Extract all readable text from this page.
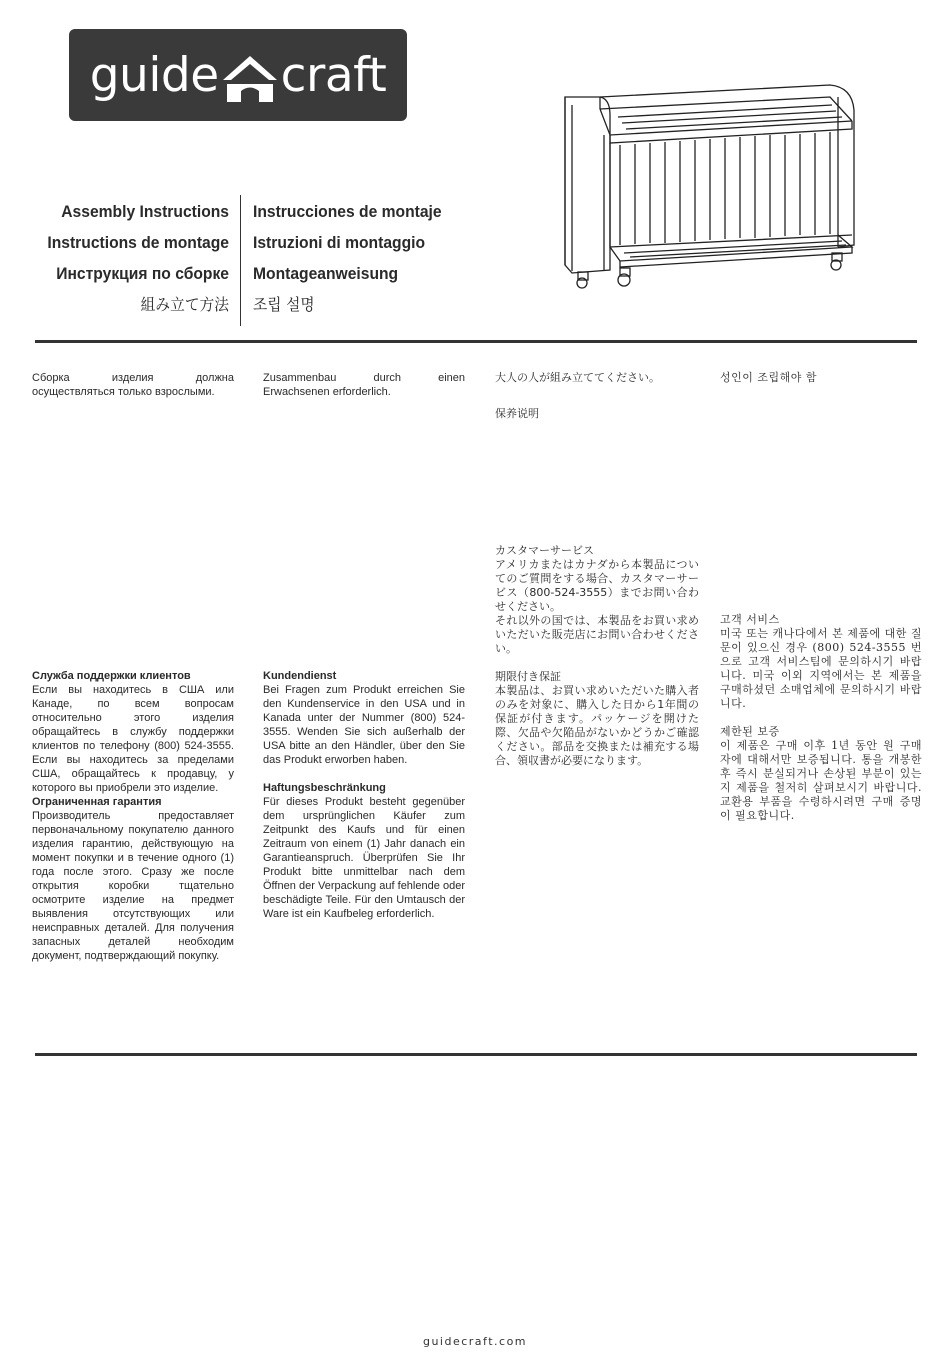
guide craft
Assembly Instructions
Instructions de montage
Инструкция по сборке
組み立て方法
Instrucciones de montaje
Istruzioni di montaggio
Montageanweisung
조립 설명
Сборка изделия должна осуществляться только взрослыми.

Служба поддержки клиентов

Если вы находитесь в США или Канаде, по всем вопросам относительно этого изделия обращайтесь в службу поддержки клиентов по телефону (800) 524-3555. Если вы находитесь за пределами США, обращайтесь к продавцу, у которого вы приобрели это изделие.

Ограниченная гарантия

Производитель предоставляет первоначальному покупателю данного изделия гарантию, действующую на момент покупки и в течение одного (1) года после этого. Сразу же после открытия коробки тщательно осмотрите изделие на предмет выявления отсутствующих или неисправных деталей. Для получения запасных деталей необходим документ, подтверждающий покупку.

Zusammenbau durch einen Erwachsenen erforderlich.

Kundendienst

Bei Fragen zum Produkt erreichen Sie den Kundenservice in den USA und in Kanada unter der Nummer (800) 524-3555. Wenden Sie sich außerhalb der USA bitte an den Händler, über den Sie das Produkt erworben haben.

Haftungsbeschränkung

Für dieses Produkt besteht gegenüber dem ursprünglichen Käufer zum Zeitpunkt des Kaufs und für einen Zeitraum von einem (1) Jahr danach ein Garantieanspruch. Überprüfen Sie Ihr Produkt bitte unmittelbar nach dem Öffnen der Verpackung auf fehlende oder beschädigte Teile. Für den Umtausch der Ware ist ein Kaufbeleg erforderlich.

大人の人が組み立ててください。
保养说明

カスタマーサービス

アメリカまたはカナダから本製品についてのご質問をする場合、カスタマーサービス（800-524-3555）までお問い合わせください。

それ以外の国では、本製品をお買い求めいただいた販売店にお問い合わせください。

期限付き保証

本製品は、お買い求めいただいた購入者のみを対象に、購入した日から1年間の保証が付きます。パッケージを開けた際、欠品や欠陥品がないかどうかご確認ください。部品を交換または補充する場合、領収書が必要になります。

성인이 조립해야 함

고객 서비스

미국 또는 캐나다에서 본 제품에 대한 질문이 있으신 경우 (800) 524-3555 번으로 고객 서비스팀에 문의하시기 바랍니다. 미국 이외 지역에서는 본 제품을 구매하셨던 소매업체에 문의하시기 바랍니다.

제한된 보증

이 제품은 구매 이후 1년 동안 원 구매자에 대해서만 보증됩니다. 통을 개봉한 후 즉시 분실되거나 손상된 부분이 있는지 제품을 철저히 살펴보시기 바랍니다. 교환용 부품을 수령하시려면 구매 증명이 필요합니다.

guidecraft.com
